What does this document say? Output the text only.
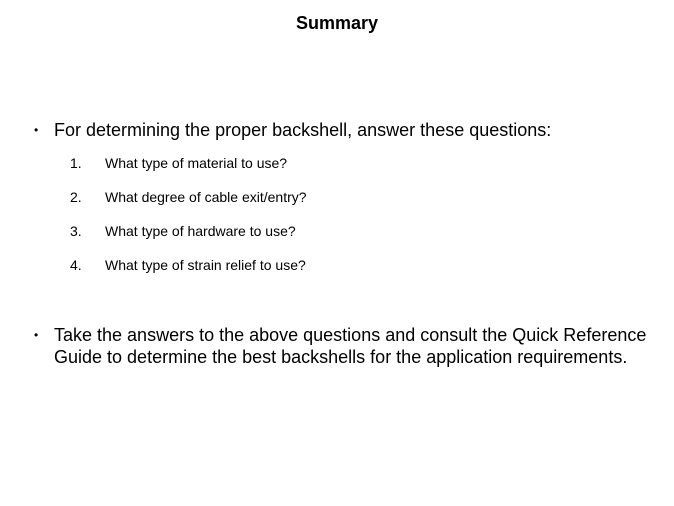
Summary
• For determining the proper backshell, answer these questions:
1. What type of material to use?
2. What degree of cable exit/entry?
3. What type of hardware to use?
4. What type of strain relief to use?
• Take the answers to the above questions and consult the Quick Reference Guide to determine the best backshells for the application requirements.
